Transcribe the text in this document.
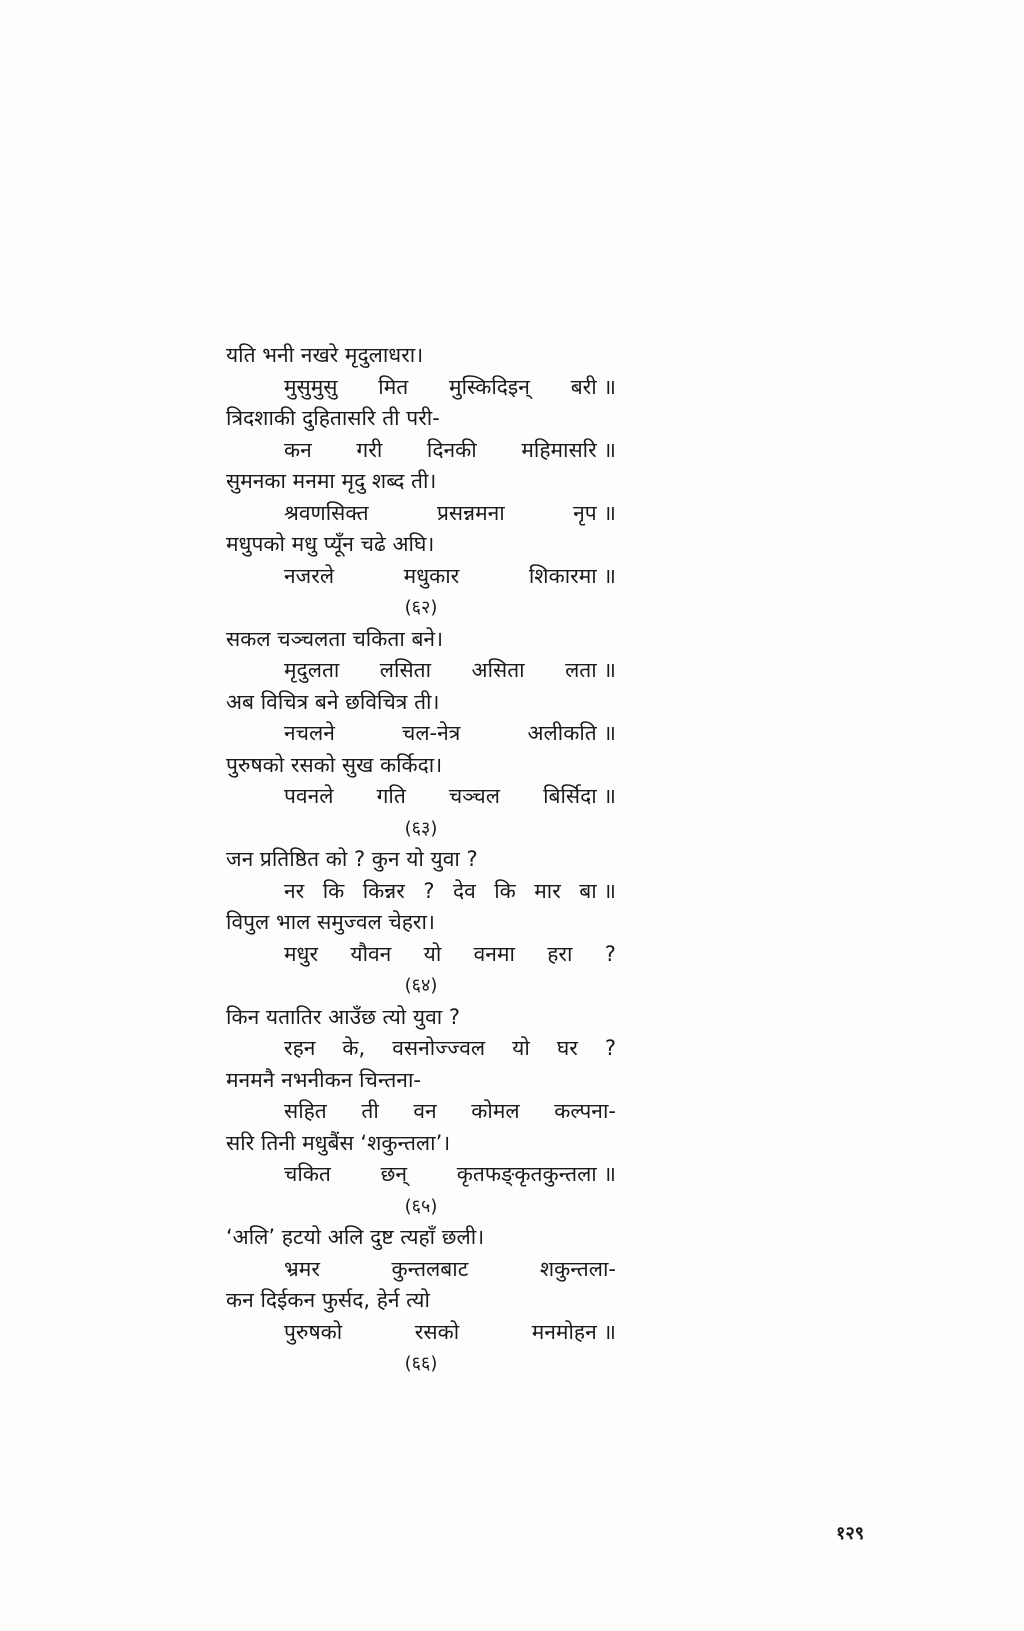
यति भनी नखरे मृदुलाधरा।
मुसुमुसु मित मुस्किदिइन् बरी ॥
त्रिदशाकी दुहितासरि ती परी-
कन गरी दिनकी महिमासरि ॥
सुमनका मनमा मृदु शब्द ती।
श्रवणसिक्त	प्रसन्नमना	नृप ॥
मधुपको मधु प्यूँन चढे अघि।
नजरले	मधुकार	शिकारमा ॥
(६२)
सकल चञ्चलता चकिता बने।
मृदुलता लसिता असिता लता ॥
अब विचित्र बने छविचित्र ती।
नचलने	चल-नेत्र	अलीकति ॥
पुरुषको रसको सुख कर्किदा।
पवनले गति चञ्चल बिर्सिदा ॥
(६३)
जन प्रतिष्ठित को ? कुन यो युवा ?
नर कि किन्नर ? देव कि मार बा ॥
विपुल भाल समुज्वल चेहरा।
मधुर यौवन यो वनमा हरा ?
(६४)
किन यतातिर आउँछ त्यो युवा ?
रहन के, वसनोज्ज्वल यो घर ?
मनमनै नभनीकन चिन्तना-
सहित ती वन कोमल कल्पना-
सरि तिनी मधुबैंस ‘शकुन्तला’।
चकित छन् कृतफङ्कृतकुन्तला ॥
(६५)
‘अलि’ हटयो अलि दुष्ट त्यहाँ छली।
भ्रमर	कुन्तलबाट	शकुन्तला-
कन दिईकन फुर्सद, हेर्न त्यो
पुरुषको	रसको	मनमोहन ॥
(६६)
१२९
